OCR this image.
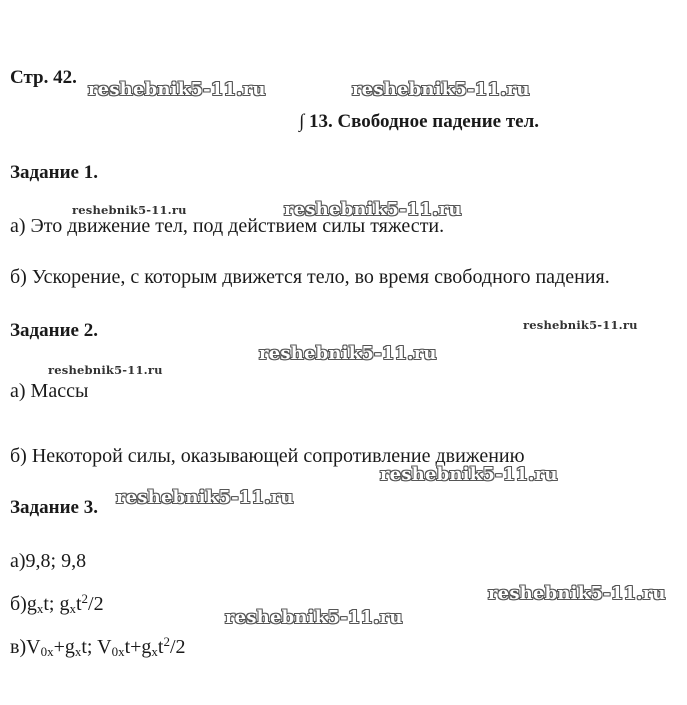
Стр. 42.
∫ 13. Свободное падение тел.
Задание 1.
а) Это движение тел, под действием силы тяжести.
б) Ускорение, с которым движется тело, во время свободного падения.
Задание 2.
а) Массы
б) Некоторой силы, оказывающей сопротивление движению
Задание 3.
а)9,8; 9,8
$б)g_xt$; $g_xt^2/2$
$в)V_{0x}+g_xt$; $V_{0x}t+g_xt^2/2$
reshebnik5-11.ru	reshebnik5-11.ru
reshebnik5-11.ru	reshebnik5-11.ru
reshebnik5-11.ru
reshebnik5-11.ru
reshebnik5-11.ru
reshebnik5-11.ru
reshebnik5-11.ru
reshebnik5-11.ru
reshebnik5-11.ru
